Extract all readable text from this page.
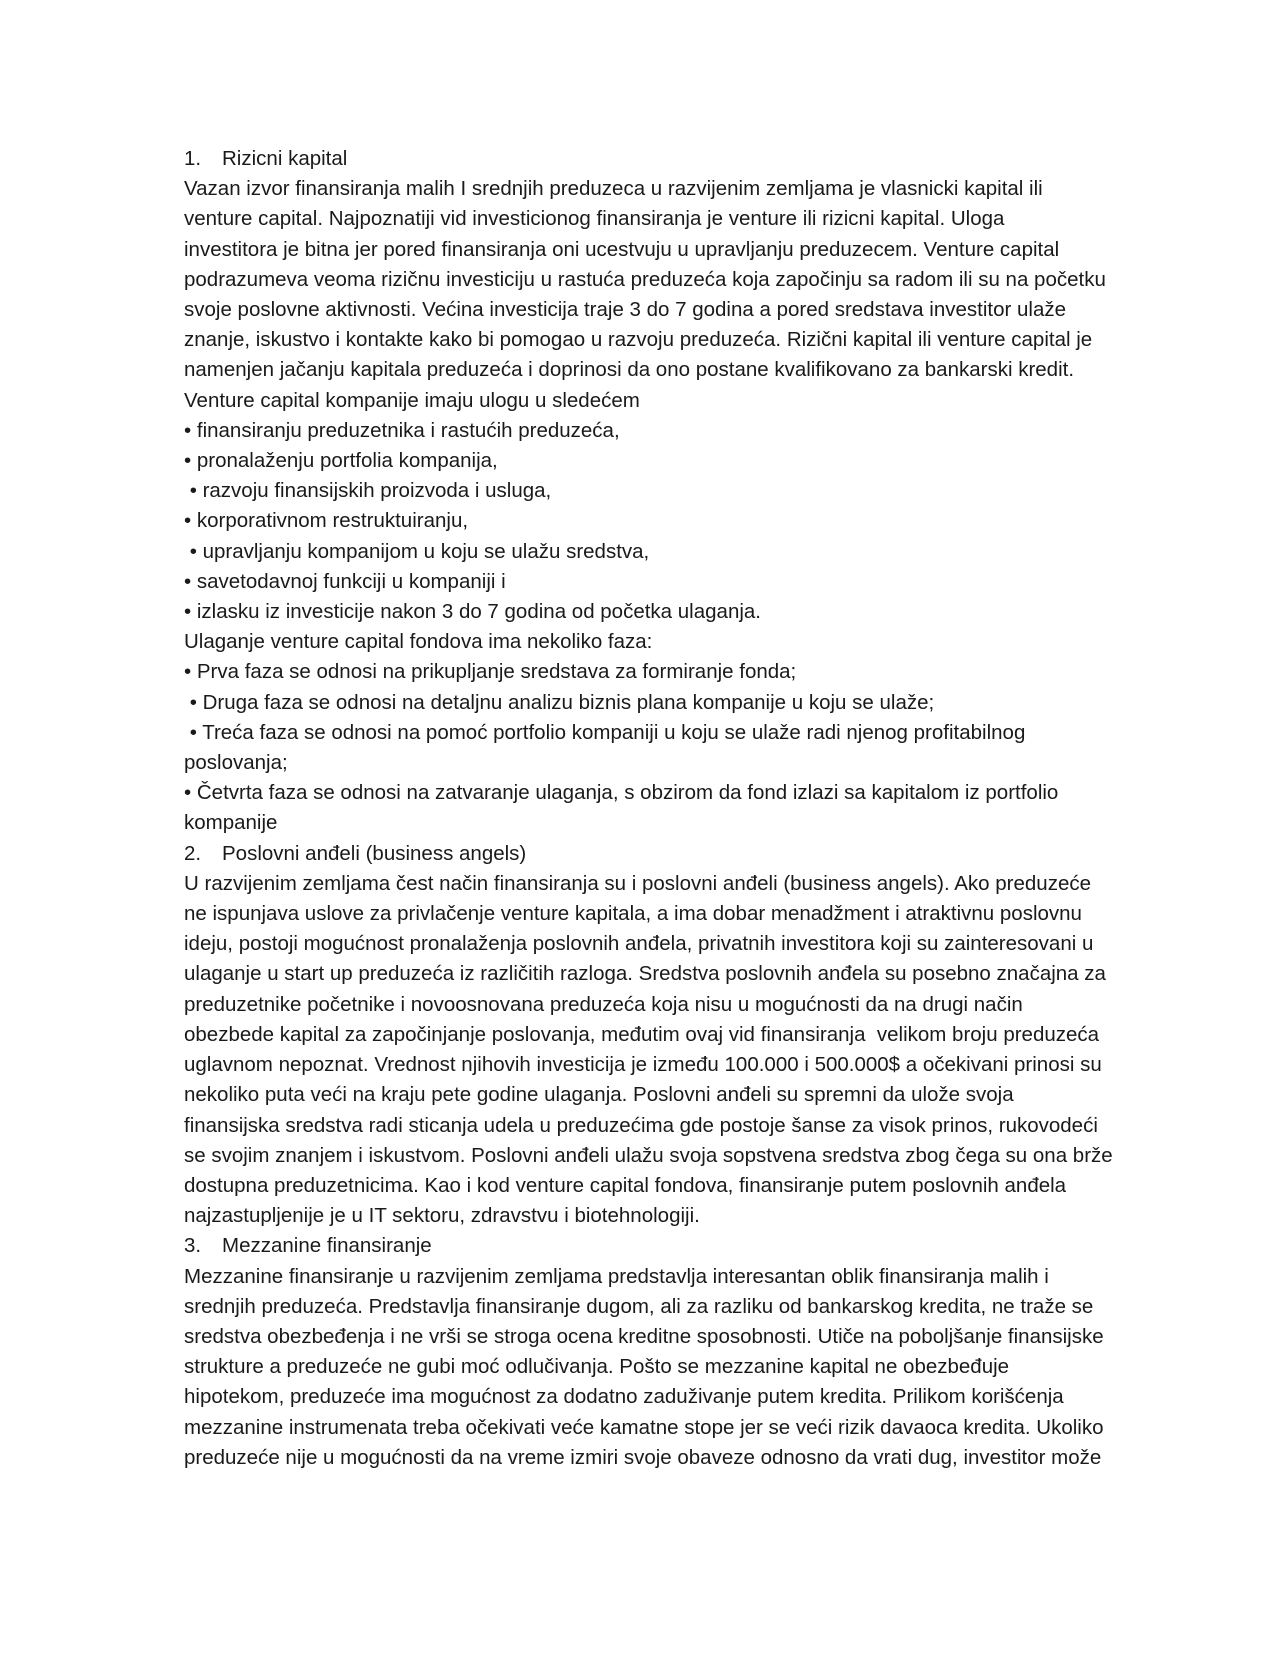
1. Rizicni kapital
Vazan izvor finansiranja malih I srednjih preduzeca u razvijenim zemljama je vlasnicki kapital ili
venture capital. Najpoznatiji vid investicionog finansiranja je venture ili rizicni kapital. Uloga
investitora je bitna jer pored finansiranja oni ucestvuju u upravljanju preduzecem. Venture capital
podrazumeva veoma rizičnu investiciju u rastuća preduzeća koja započinju sa radom ili su na početku
svoje poslovne aktivnosti. Većina investicija traje 3 do 7 godina a pored sredstava investitor ulaže
znanje, iskustvo i kontakte kako bi pomogao u razvoju preduzeća. Rizični kapital ili venture capital je
namenjen jačanju kapitala preduzeća i doprinosi da ono postane kvalifikovano za bankarski kredit.
Venture capital kompanije imaju ulogu u sledećem
• finansiranju preduzetnika i rastućih preduzeća,
• pronalaženju portfolia kompanija,
• razvoju finansijskih proizvoda i usluga,
• korporativnom restruktuiranju,
• upravljanju kompanijom u koju se ulažu sredstva,
• savetodavnoj funkciji u kompaniji i
• izlasku iz investicije nakon 3 do 7 godina od početka ulaganja.
Ulaganje venture capital fondova ima nekoliko faza:
• Prva faza se odnosi na prikupljanje sredstava za formiranje fonda;
• Druga faza se odnosi na detaljnu analizu biznis plana kompanije u koju se ulaže;
• Treća faza se odnosi na pomoć portfolio kompaniji u koju se ulaže radi njenog profitabilnog
poslovanja;
• Četvrta faza se odnosi na zatvaranje ulaganja, s obzirom da fond izlazi sa kapitalom iz portfolio
kompanije
2. Poslovni anđeli (business angels)
U razvijenim zemljama čest način finansiranja su i poslovni anđeli (business angels). Ako preduzeće
ne ispunjava uslove za privlačenje venture kapitala, a ima dobar menadžment i atraktivnu poslovnu
ideju, postoji mogućnost pronalaženja poslovnih anđela, privatnih investitora koji su zainteresovani u
ulaganje u start up preduzeća iz različitih razloga. Sredstva poslovnih anđela su posebno značajna za
preduzetnike početnike i novoosnovana preduzeća koja nisu u mogućnosti da na drugi način
obezbede kapital za započinjanje poslovanja, međutim ovaj vid finansiranja  velikom broju preduzeća
uglavnom nepoznat. Vrednost njihovih investicija je između 100.000 i 500.000$ a očekivani prinosi su
nekoliko puta veći na kraju pete godine ulaganja. Poslovni anđeli su spremni da ulože svoja
finansijska sredstva radi sticanja udela u preduzećima gde postoje šanse za visok prinos, rukovodeći
se svojim znanjem i iskustvom. Poslovni anđeli ulažu svoja sopstvena sredstva zbog čega su ona brže
dostupna preduzetnicima. Kao i kod venture capital fondova, finansiranje putem poslovnih anđela
najzastupljenije je u IT sektoru, zdravstvu i biotehnologiji.
3. Mezzanine finansiranje
Mezzanine finansiranje u razvijenim zemljama predstavlja interesantan oblik finansiranja malih i
srednjih preduzeća. Predstavlja finansiranje dugom, ali za razliku od bankarskog kredita, ne traže se
sredstva obezbeđenja i ne vrši se stroga ocena kreditne sposobnosti. Utiče na poboljšanje finansijske
strukture a preduzeće ne gubi moć odlučivanja. Pošto se mezzanine kapital ne obezbeđuje
hipotekom, preduzeće ima mogućnost za dodatno zaduživanje putem kredita. Prilikom korišćenja
mezzanine instrumenata treba očekivati veće kamatne stope jer se veći rizik davaoca kredita. Ukoliko
preduzeće nije u mogućnosti da na vreme izmiri svoje obaveze odnosno da vrati dug, investitor može
